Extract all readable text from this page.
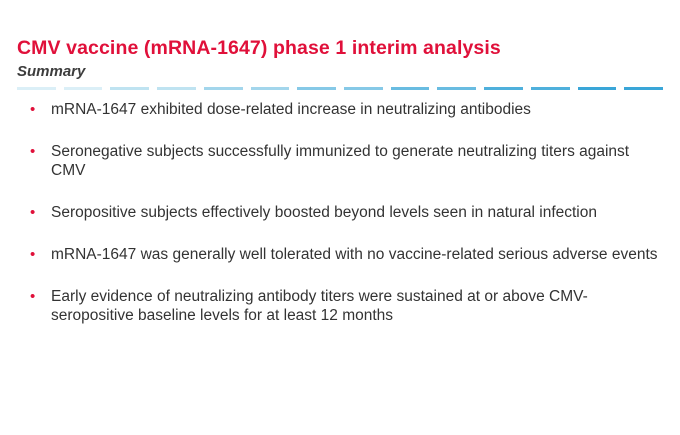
CMV vaccine (mRNA-1647) phase 1 interim analysis
Summary
• mRNA-1647 exhibited dose-related increase in neutralizing antibodies
• Seronegative subjects successfully immunized to generate neutralizing titers against CMV
• Seropositive subjects effectively boosted beyond levels seen in natural infection
• mRNA-1647 was generally well tolerated with no vaccine-related serious adverse events
• Early evidence of neutralizing antibody titers were sustained at or above CMV-seropositive baseline levels for at least 12 months
